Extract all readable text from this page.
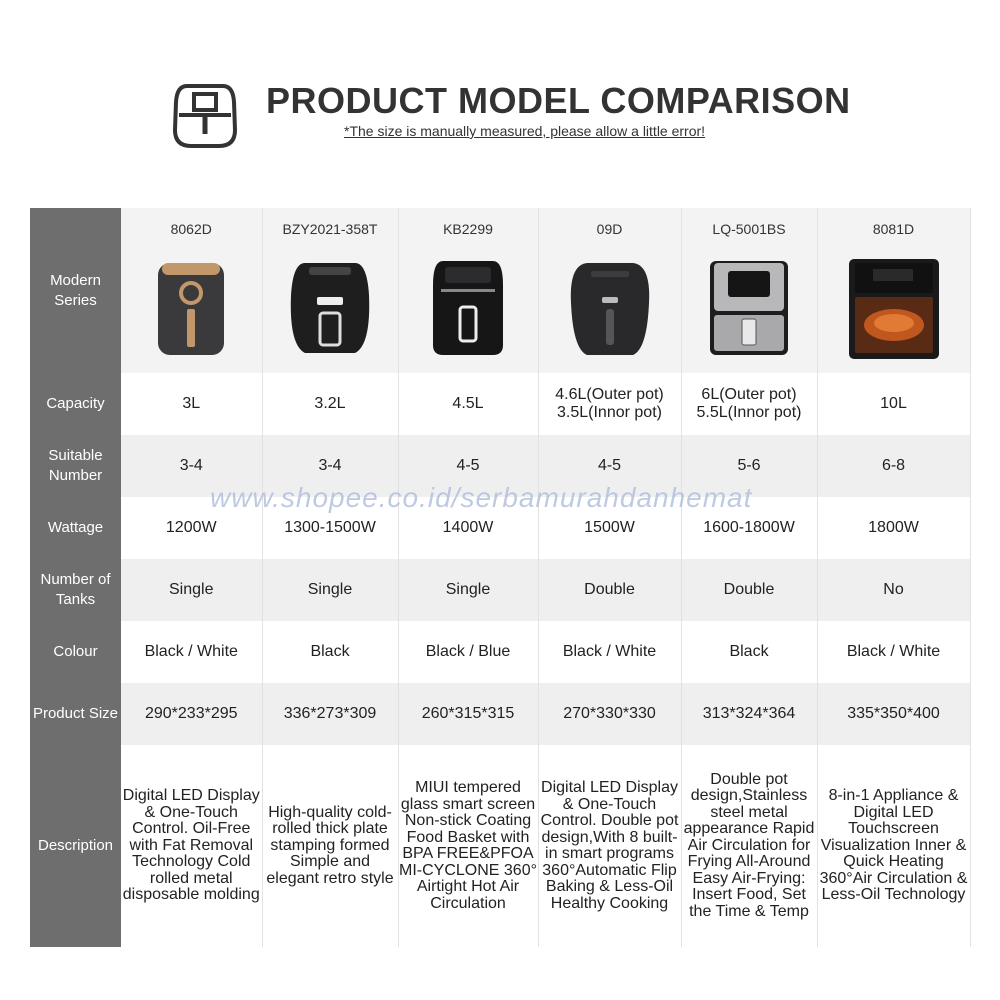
PRODUCT MODEL COMPARISON
*The size is manually measured, please allow a little error!
Modern Series	8062D	BZY2021-358T	KB2299	09D	LQ-5001BS	8081D

Capacity	3L	3.2L	4.5L	4.6L(Outer pot) 3.5L(Innor pot)	6L(Outer pot) 5.5L(Innor pot)	10L
Suitable Number	3-4	3-4	4-5	4-5	5-6	6-8
Wattage	1200W	1300-1500W	1400W	1500W	1600-1800W	1800W
Number of Tanks	Single	Single	Single	Double	Double	No
Colour	Black / White	Black	Black / Blue	Black / White	Black	Black / White
Product Size	290*233*295	336*273*309	260*315*315	270*330*330	313*324*364	335*350*400
Description	Digital LED Display & One-Touch Control. Oil-Free with Fat Removal Technology Cold rolled metal disposable molding	High-quality cold-rolled thick plate stamping formed Simple and elegant retro style	MIUI tempered glass smart screen Non-stick Coating Food Basket with BPA FREE&PFOA MI-CYCLONE 360° Airtight Hot Air Circulation	Digital LED Display & One-Touch Control. Double pot design,With 8 built-in smart programs 360°Automatic Flip Baking & Less-Oil Healthy Cooking	Double pot design,Stainless steel metal appearance Rapid Air Circulation for Frying All-Around Easy Air-Frying: Insert Food, Set the Time & Temp	8-in-1 Appliance & Digital LED Touchscreen Visualization Inner & Quick Heating 360°Air Circulation & Less-Oil Technology
www.shopee.co.id/serbamurahdanhemat
